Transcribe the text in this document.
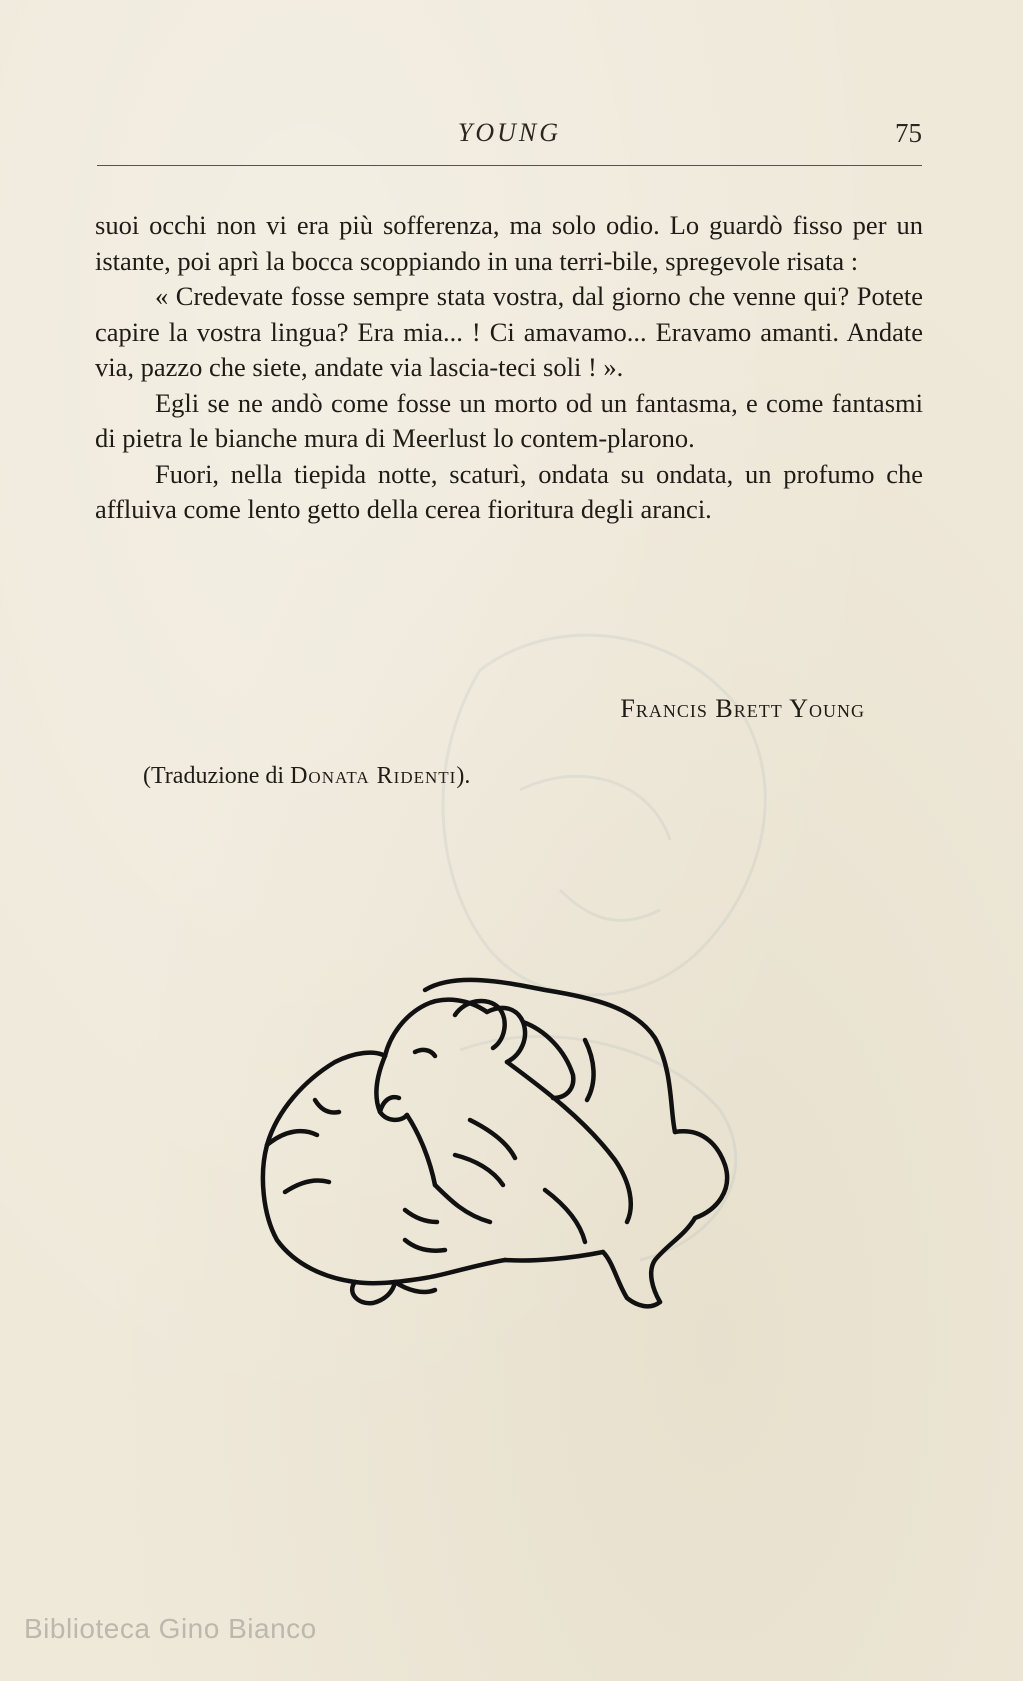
YOUNG	75

suoi occhi non vi era più sofferenza, ma solo odio. Lo guardò fisso per un istante, poi aprì la bocca scoppiando in una terri-bile, spregevole risata :

« Credevate fosse sempre stata vostra, dal giorno che venne qui? Potete capire la vostra lingua? Era mia... ! Ci amavamo... Eravamo amanti. Andate via, pazzo che siete, andate via lascia-teci soli ! ».

Egli se ne andò come fosse un morto od un fantasma, e come fantasmi di pietra le bianche mura di Meerlust lo contem-plarono.

Fuori, nella tiepida notte, scaturì, ondata su ondata, un profumo che affluiva come lento getto della cerea fioritura degli aranci.

Francis Brett Young
(Traduzione di Donata Ridenti).
Biblioteca Gino Bianco
